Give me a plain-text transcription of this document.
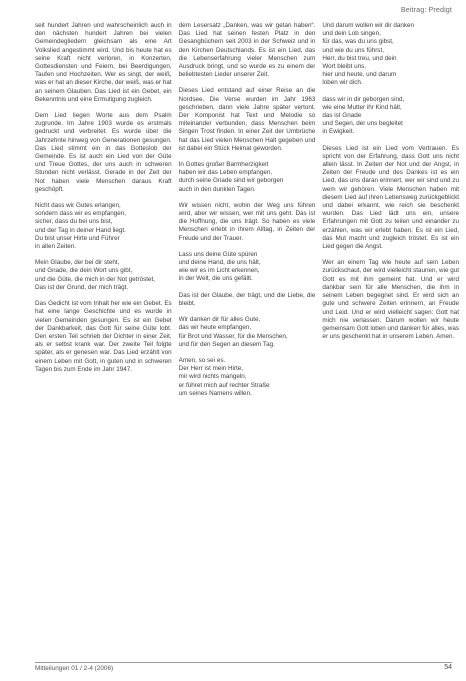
Beitrag: Predigt

seit hundert Jahren und wahrscheinlich auch in den nächsten hundert Jahren bei vielen Gemeindegliedern gleichsam als eine Art Volkslied angestimmt wird. Und bis heute hat es seine Kraft nicht verloren, in Konzerten, Gottesdiensten und Feiern, bei Beerdigungen, Taufen und Hochzeiten. Wer es singt, der weiß, was er hat an dieser Kirche, der weiß, was er hat an seinem Glauben. Das Lied ist ein Gebet, ein Bekenntnis und eine Ermutigung zugleich.

Dem Lied liegen Worte aus dem Psalm zugrunde. Im Jahre 1903 wurde es erstmals gedruckt und verbreitet. Es wurde über die Jahrzehnte hinweg von Generationen gesungen. Das Lied stimmt ein in das Gotteslob der Gemeinde. Es ist auch ein Lied von der Güte und Treue Gottes, der uns auch in schweren Stunden nicht verlässt. Gerade in der Zeit der Not haben viele Menschen daraus Kraft geschöpft.

Nicht dass wir Gutes erlangen,
sondern dass wir es empfangen,
sicher, dass du bei uns bist,
und der Tag in deiner Hand liegt.
Du bist unser Hirte und Führer
in allen Zeiten.

Mein Glaube, der bei dir steht,
und Gnade, die dein Wort uns gibt,
und die Güte, die mich in der Not getröstet,
Das ist der Grund, der mich trägt.

Das Gedicht ist vom Inhalt her wie ein Gebet. Es hat eine lange Geschichte und es wurde in vielen Gemeinden gesungen. Es ist ein Gebet der Dankbarkeit, das Gott für seine Güte lobt. Den ersten Teil schrieb der Dichter in einer Zeit, als er selbst krank war. Der zweite Teil folgte später, als er genesen war. Das Lied erzählt von einem Leben mit Gott, in guten und in schweren Tagen bis zum Ende im Jahr 1947.

dem Lesersatz „Danken, was wir getan haben“. Das Lied hat seinen festen Platz in den Gesangbüchern seit 2003 in der Schweiz und in den Kirchen Deutschlands. Es ist ein Lied, das die Lebenserfahrung vieler Menschen zum Ausdruck bringt, und so wurde es zu einem der beliebtesten Lieder unserer Zeit.

Dieses Lied entstand auf einer Reise an die Nordsee. Die Verse wurden im Jahr 1963 geschrieben, dann viele Jahre später vertont. Der Komponist hat Text und Melodie so miteinander verbunden, dass Menschen beim Singen Trost finden. In einer Zeit der Umbrüche hat das Lied vielen Menschen Halt gegeben und ist dabei ein Stück Heimat geworden.

In Gottes großer Barmherzigkeit
haben wir das Leben empfangen,
durch seine Gnade sind wir geborgen
auch in den dunklen Tagen.

Wir wissen nicht, wohin der Weg uns führen wird, aber wir wissen, wer mit uns geht. Das ist die Hoffnung, die uns trägt. So haben es viele Menschen erlebt in ihrem Alltag, in Zeiten der Freude und der Trauer.

Lass uns deine Güte spüren
und deine Hand, die uns hält,
wie wir es im Licht erkennen,
in der Welt, die uns gefällt.

Das ist der Glaube, der trägt, und die Liebe, die bleibt.

Wir danken dir für alles Gute,
das wir heute empfangen,
für Brot und Wasser, für die Menschen,
und für den Segen an diesem Tag.

Amen, so sei es.
Der Herr ist mein Hirte,
mir wird nichts mangeln,
er führet mich auf rechter Straße
um seines Namens willen.

Und darum wollen wir dir danken
und dein Lob singen,
für das, was du uns gibst,
und wie du uns führst,
Herr, du bist treu, und dein
Wort bleibt uns,
hier und heute, und darum
loben wir dich.

dass wir in dir geborgen sind,
wie eine Mutter ihr Kind hält,
das ist Gnade
und Segen, der uns begleitet
in Ewigkeit.

Dieses Lied ist ein Lied vom Vertrauen. Es spricht von der Erfahrung, dass Gott uns nicht allein lässt. In Zeiten der Not und der Angst, in Zeiten der Freude und des Dankes ist es ein Lied, das uns daran erinnert, wer wir sind und zu wem wir gehören. Viele Menschen haben mit diesem Lied auf ihren Lebensweg zurückgeblickt und dabei erkannt, wie reich sie beschenkt wurden. Das Lied lädt uns ein, unsere Erfahrungen mit Gott zu teilen und einander zu erzählen, was wir erlebt haben. Es ist ein Lied, das Mut macht und zugleich tröstet. Es ist ein Lied gegen die Angst.

Wer an einem Tag wie heute auf sein Leben zurückschaut, der wird vielleicht staunen, wie gut Gott es mit ihm gemeint hat. Und er wird dankbar sein für alle Menschen, die ihm in seinem Leben begegnet sind. Er wird sich an gute und schwere Zeiten erinnern, an Freude und Leid. Und er wird vielleicht sagen: Gott hat mich nie verlassen. Darum wollen wir heute gemeinsam Gott loben und danken für alles, was er uns geschenkt hat in unserem Leben. Amen.

Mitteilungen 01 / 2-4 (2006)	54
